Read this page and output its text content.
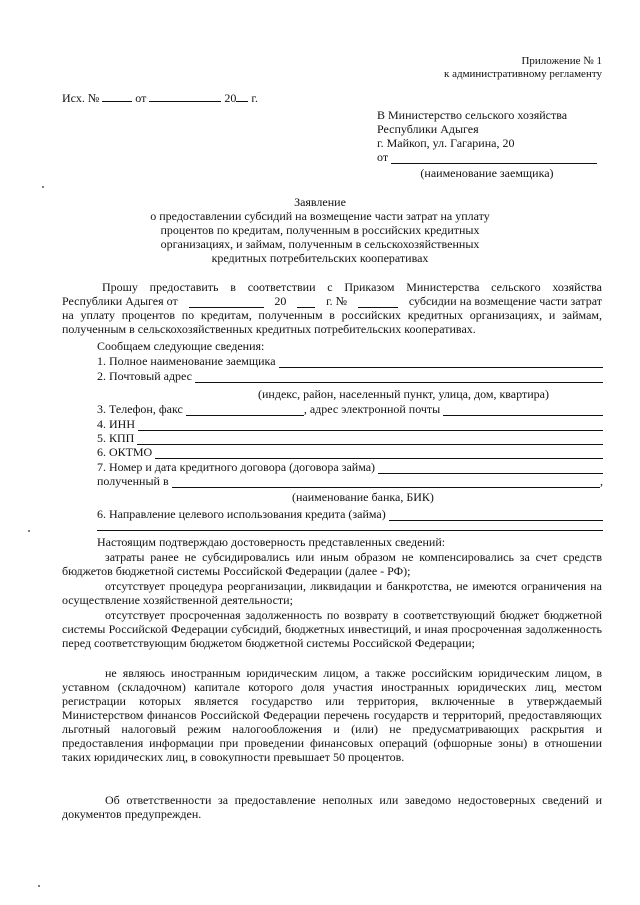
Приложение № 1
к административному регламенту
Исх. №	от	20 г.
В Министерство сельского хозяйства
Республики Адыгея
г. Майкоп, ул. Гагарина, 20
от
(наименование заемщика)
Заявление
о предоставлении субсидий на возмещение части затрат на уплату
процентов по кредитам, полученным в российских кредитных
организациях, и займам, полученным в сельскохозяйственных
кредитных потребительских кооперативах
Прошу предоставить в соответствии с Приказом Министерства сельского хозяйства
Республики Адыгея от	20	г. №	субсидии на возмещение части затрат
на уплату процентов по кредитам, полученным в российских кредитных организациях, и займам,
полученным в сельскохозяйственных кредитных потребительских кооперативах.
Сообщаем следующие сведения:
1. Полное наименование заемщика
2. Почтовый адрес
(индекс, район, населенный пункт, улица, дом, квартира)
3. Телефон, факс	, адрес электронной почты
4. ИНН
5. КПП
6. ОКТМО
7. Номер и дата кредитного договора (договора займа)
полученный в	,
(наименование банка, БИК)
6. Направление целевого использования кредита (займа)
Настоящим подтверждаю достоверность представленных сведений:
затраты ранее не субсидировались или иным образом не компенсировались за счет средств бюджетов бюджетной системы Российской Федерации (далее - РФ);
отсутствует процедура реорганизации, ликвидации и банкротства, не имеются ограничения на осуществление хозяйственной деятельности;
отсутствует просроченная задолженность по возврату в соответствующий бюджет бюджетной системы Российской Федерации субсидий, бюджетных инвестиций, и иная просроченная задолженность перед соответствующим бюджетом бюджетной системы Российской Федерации;
не являюсь иностранным юридическим лицом, а также российским юридическим лицом, в уставном (складочном) капитале которого доля участия иностранных юридических лиц, местом регистрации которых является государство или территория, включенные в утверждаемый Министерством финансов Российской Федерации перечень государств и территорий, предоставляющих льготный налоговый режим налогообложения и (или) не предусматривающих раскрытия и предоставления информации при проведении финансовых операций (офшорные зоны) в отношении таких юридических лиц, в совокупности превышает 50 процентов.
Об ответственности за предоставление неполных или заведомо недостоверных сведений и документов предупрежден.
